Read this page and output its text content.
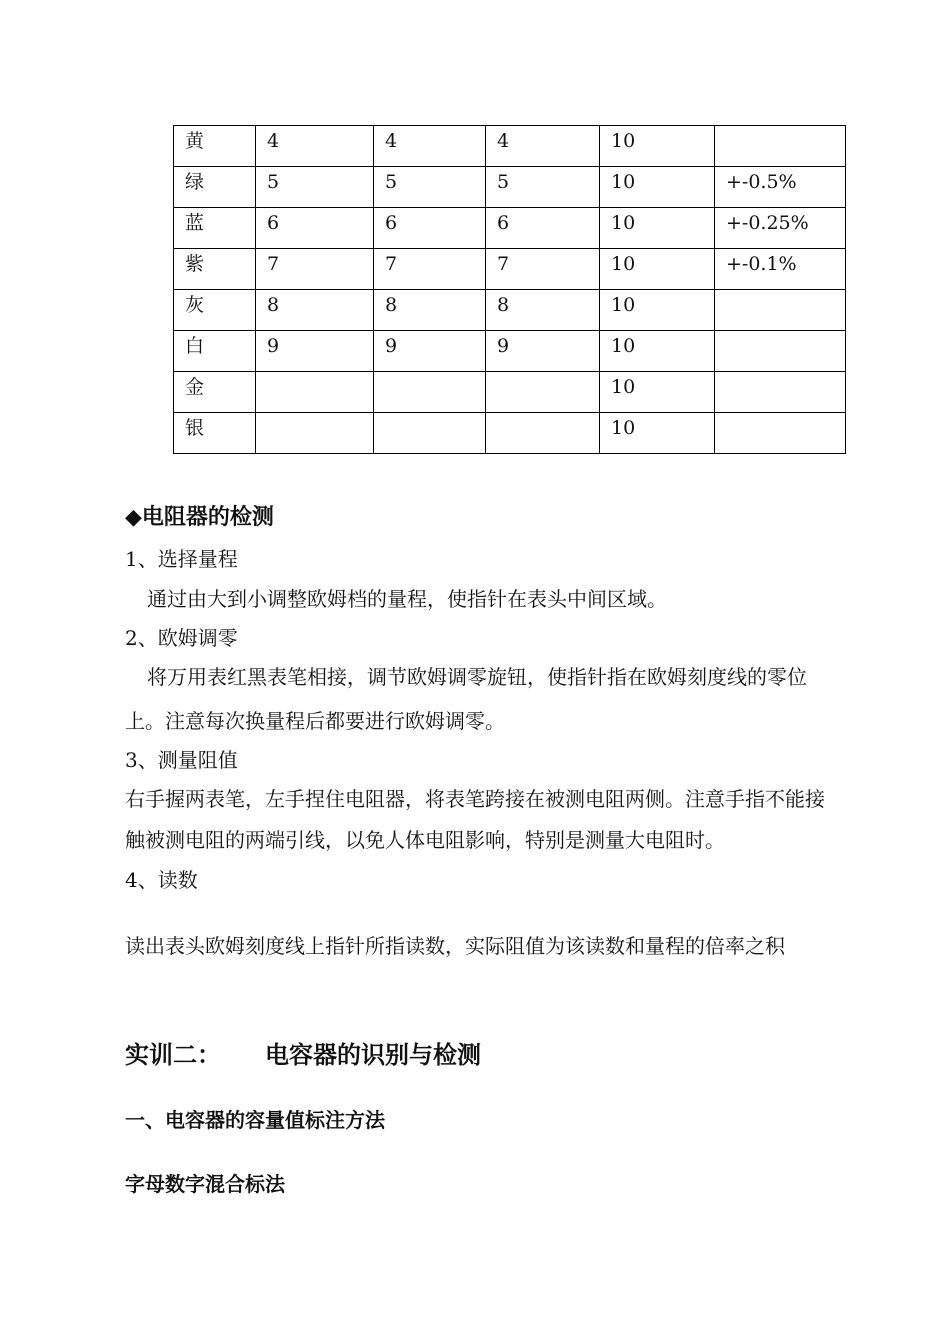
黄	4	4	4	10	
绿	5	5	5	10	+-0.5%
蓝	6	6	6	10	+-0.25%
紫	7	7	7	10	+-0.1%
灰	8	8	8	10	
白	9	9	9	10	
金				10	
银				10	
◆电阻器的检测
1、选择量程
通过由大到小调整欧姆档的量程，使指针在表头中间区域。
2、欧姆调零
将万用表红黑表笔相接，调节欧姆调零旋钮，使指针指在欧姆刻度线的零位
上。注意每次换量程后都要进行欧姆调零。
3、测量阻值
右手握两表笔，左手捏住电阻器，将表笔跨接在被测电阻两侧。注意手指不能接
触被测电阻的两端引线，以免人体电阻影响，特别是测量大电阻时。
4、读数
读出表头欧姆刻度线上指针所指读数，实际阻值为该读数和量程的倍率之积
实训二： 电容器的识别与检测
一、电容器的容量值标注方法
字母数字混合标法
